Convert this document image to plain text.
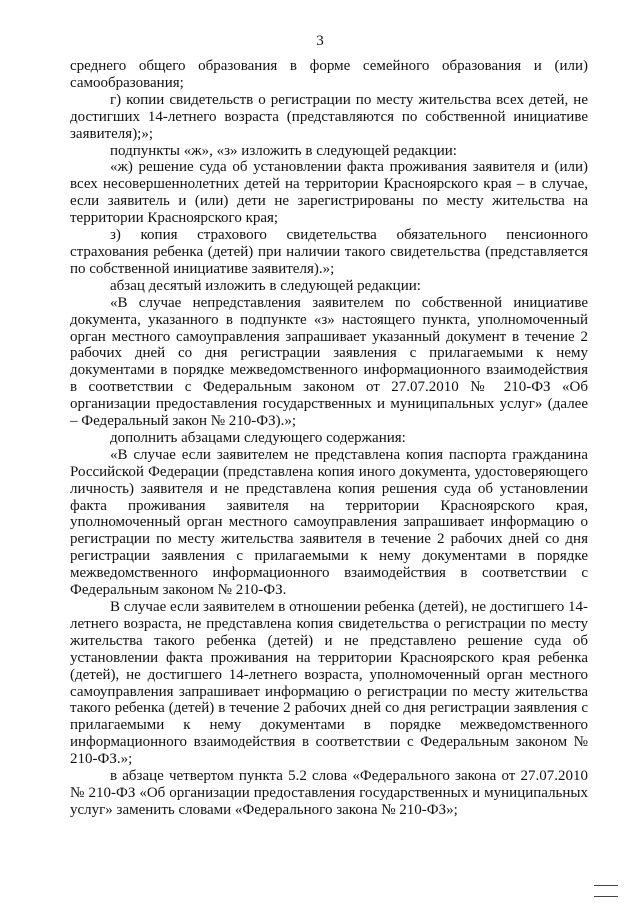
3

среднего общего образования в форме семейного образования и (или) самообразования;

г) копии свидетельств о регистрации по месту жительства всех детей, не достигших 14-летнего возраста (представляются по собственной инициативе заявителя);»;

подпункты «ж», «з» изложить в следующей редакции:

«ж) решение суда об установлении факта проживания заявителя и (или) всех несовершеннолетних детей на территории Красноярского края – в случае, если заявитель и (или) дети не зарегистрированы по месту жительства на территории Красноярского края;

з) копия страхового свидетельства обязательного пенсионного страхования ребенка (детей) при наличии такого свидетельства (представляется по собственной инициативе заявителя).»;

абзац десятый изложить в следующей редакции:

«В случае непредставления заявителем по собственной инициативе документа, указанного в подпункте «з» настоящего пункта, уполномоченный орган местного самоуправления запрашивает указанный документ в течение 2 рабочих дней со дня регистрации заявления с прилагаемыми к нему документами в порядке межведомственного информационного взаимодействия в соответствии с Федеральным законом от 27.07.2010 № 210-ФЗ «Об организации предоставления государственных и муниципальных услуг» (далее – Федеральный закон № 210-ФЗ).»;

дополнить абзацами следующего содержания:

«В случае если заявителем не представлена копия паспорта гражданина Российской Федерации (представлена копия иного документа, удостоверяющего личность) заявителя и не представлена копия решения суда об установлении факта проживания заявителя на территории Красноярского края, уполномоченный орган местного самоуправления запрашивает информацию о регистрации по месту жительства заявителя в течение 2 рабочих дней со дня регистрации заявления с прилагаемыми к нему документами в порядке межведомственного информационного взаимодействия в соответствии с Федеральным законом № 210-ФЗ.

В случае если заявителем в отношении ребенка (детей), не достигшего 14-летнего возраста, не представлена копия свидетельства о регистрации по месту жительства такого ребенка (детей) и не представлено решение суда об установлении факта проживания на территории Красноярского края ребенка (детей), не достигшего 14-летнего возраста, уполномоченный орган местного самоуправления запрашивает информацию о регистрации по месту жительства такого ребенка (детей) в течение 2 рабочих дней со дня регистрации заявления с прилагаемыми к нему документами в порядке межведомственного информационного взаимодействия в соответствии с Федеральным законом № 210-ФЗ.»;

в абзаце четвертом пункта 5.2 слова «Федерального закона от 27.07.2010 № 210-ФЗ «Об организации предоставления государственных и муниципальных услуг» заменить словами «Федерального закона № 210-ФЗ»;
